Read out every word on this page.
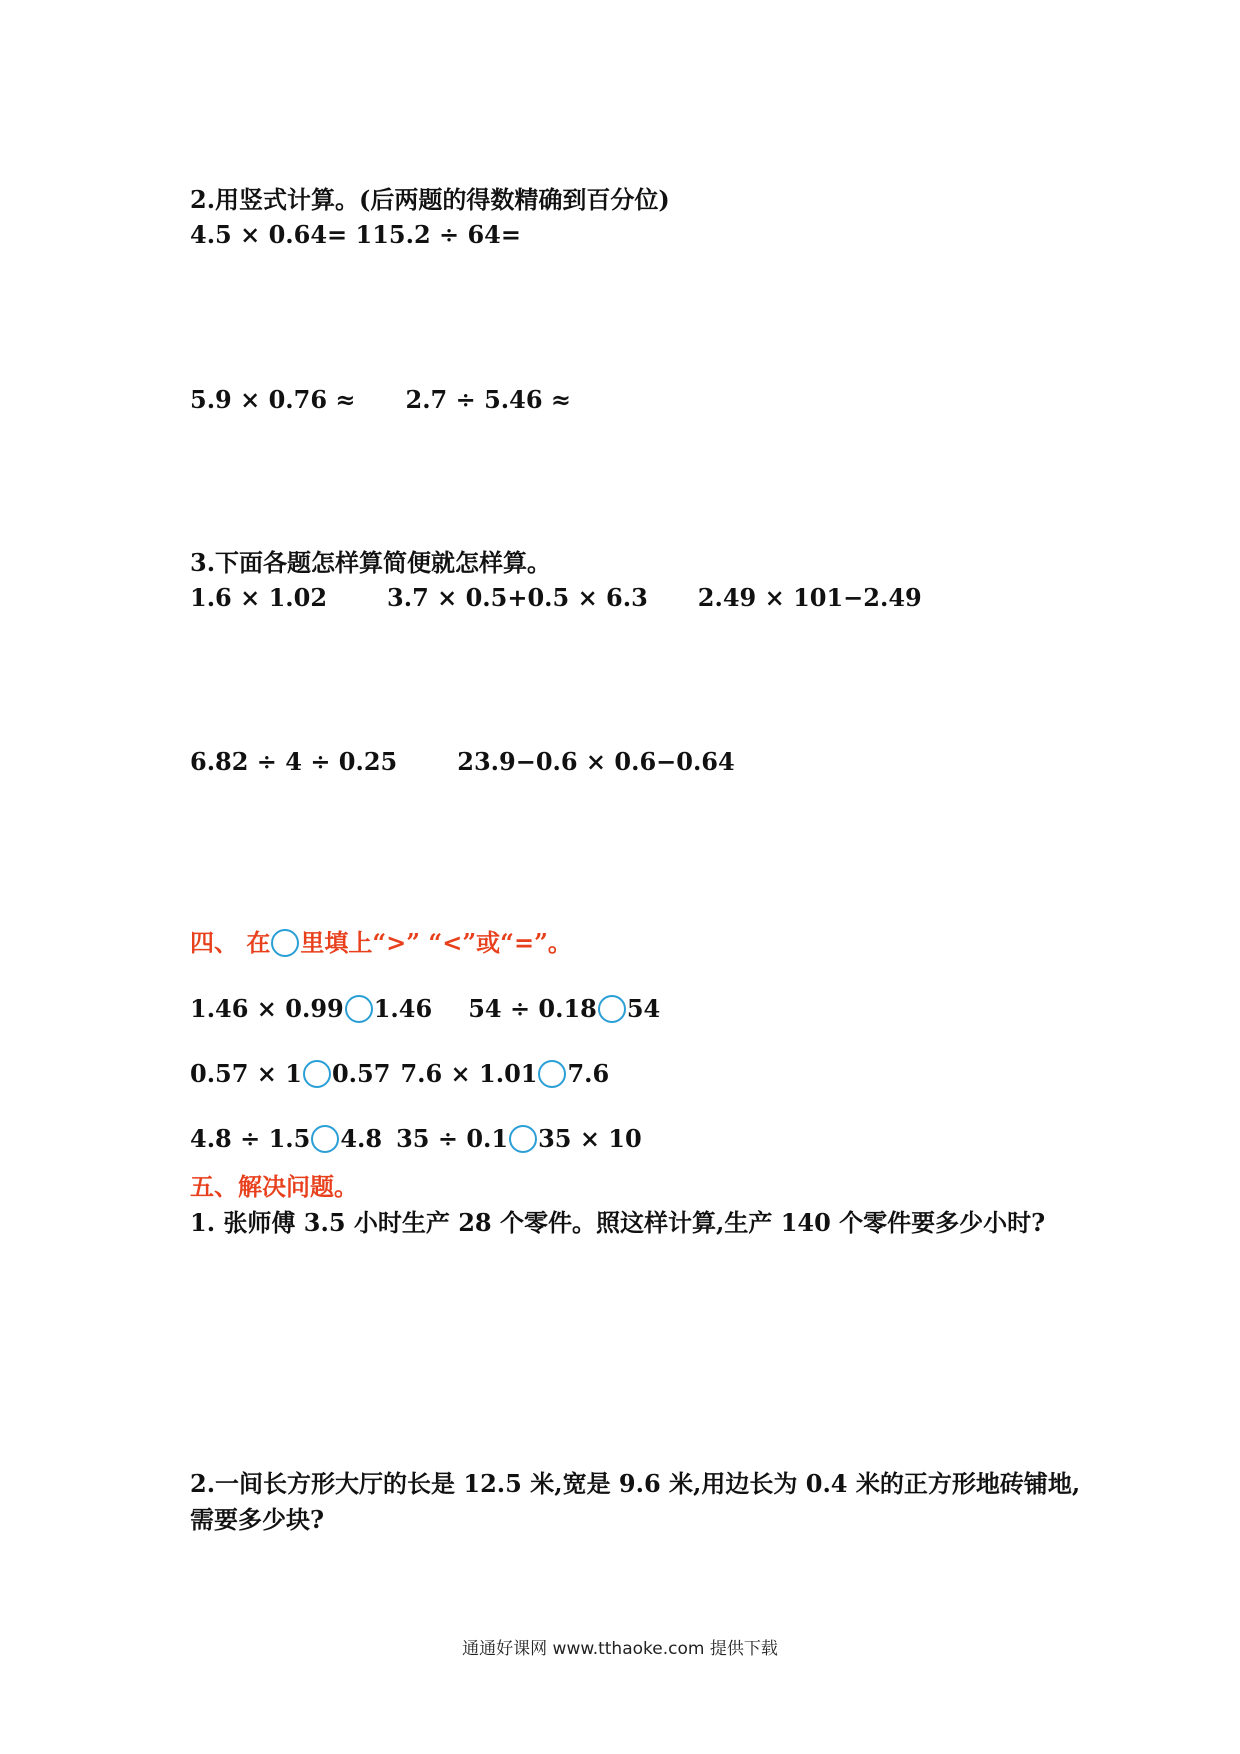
2.用竖式计算。(后两题的得数精确到百分位)
4.5 × 0.64= 115.2 ÷ 64=
5.9 × 0.76 ≈ 2.7 ÷ 5.46 ≈
3.下面各题怎样算简便就怎样算。
1.6 × 1.02	3.7 × 0.5+0.5 × 6.3 2.49 × 101−2.49
6.82 ÷ 4 ÷ 0.25	23.9−0.6 × 0.6−0.64
四、 在 里填上“>” “<”或“=”。
1.46 × 0.99 1.46 54 ÷ 0.18 54
0.57 × 1 0.57 7.6 × 1.01 7.6
4.8 ÷ 1.5 4.8 35 ÷ 0.1 35 × 10
五、解决问题。
1. 张师傅 3.5 小时生产 28 个零件。照这样计算,生产 140 个零件要多少小时?
2.一间长方形大厅的长是 12.5 米,宽是 9.6 米,用边长为 0.4 米的正方形地砖铺地,
需要多少块?
通通好课网 www.tthaoke.com 提供下载
